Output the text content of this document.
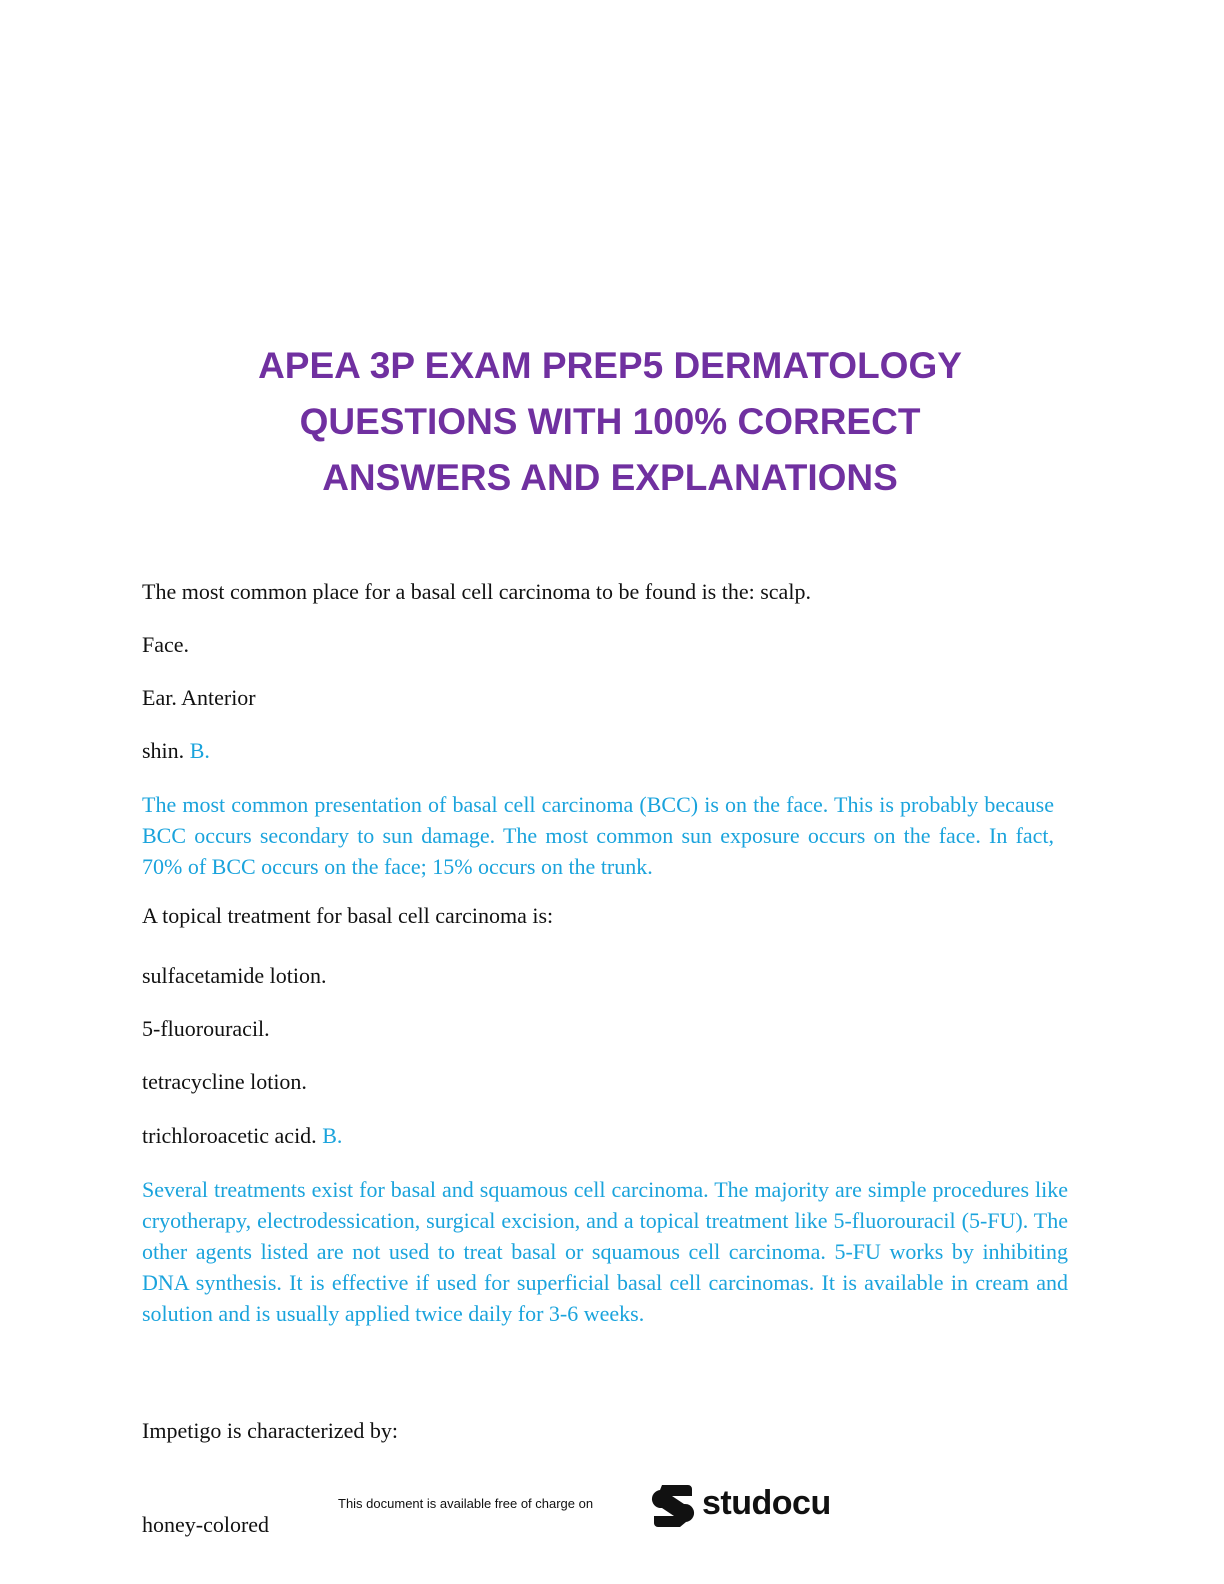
APEA 3P EXAM PREP5 DERMATOLOGY
QUESTIONS WITH 100% CORRECT
ANSWERS AND EXPLANATIONS

The most common place for a basal cell carcinoma to be found is the: scalp.

Face.

Ear. Anterior

shin. B.

The most common presentation of basal cell carcinoma (BCC) is on the face. This is probably because BCC occurs secondary to sun damage. The most common sun exposure occurs on the face. In fact, 70% of BCC occurs on the face; 15% occurs on the trunk.

A topical treatment for basal cell carcinoma is:

sulfacetamide lotion.

5-fluorouracil.

tetracycline lotion.

trichloroacetic acid. B.

Several treatments exist for basal and squamous cell carcinoma. The majority are simple procedures like cryotherapy, electrodessication, surgical excision, and a topical treatment like 5-fluorouracil (5-FU). The other agents listed are not used to treat basal or squamous cell carcinoma. 5-FU works by inhibiting DNA synthesis. It is effective if used for superficial basal cell carcinomas. It is available in cream and solution and is usually applied twice daily for 3-6 weeks.

Impetigo is characterized by:

honey-colored

This document is available free of charge on	studocu
